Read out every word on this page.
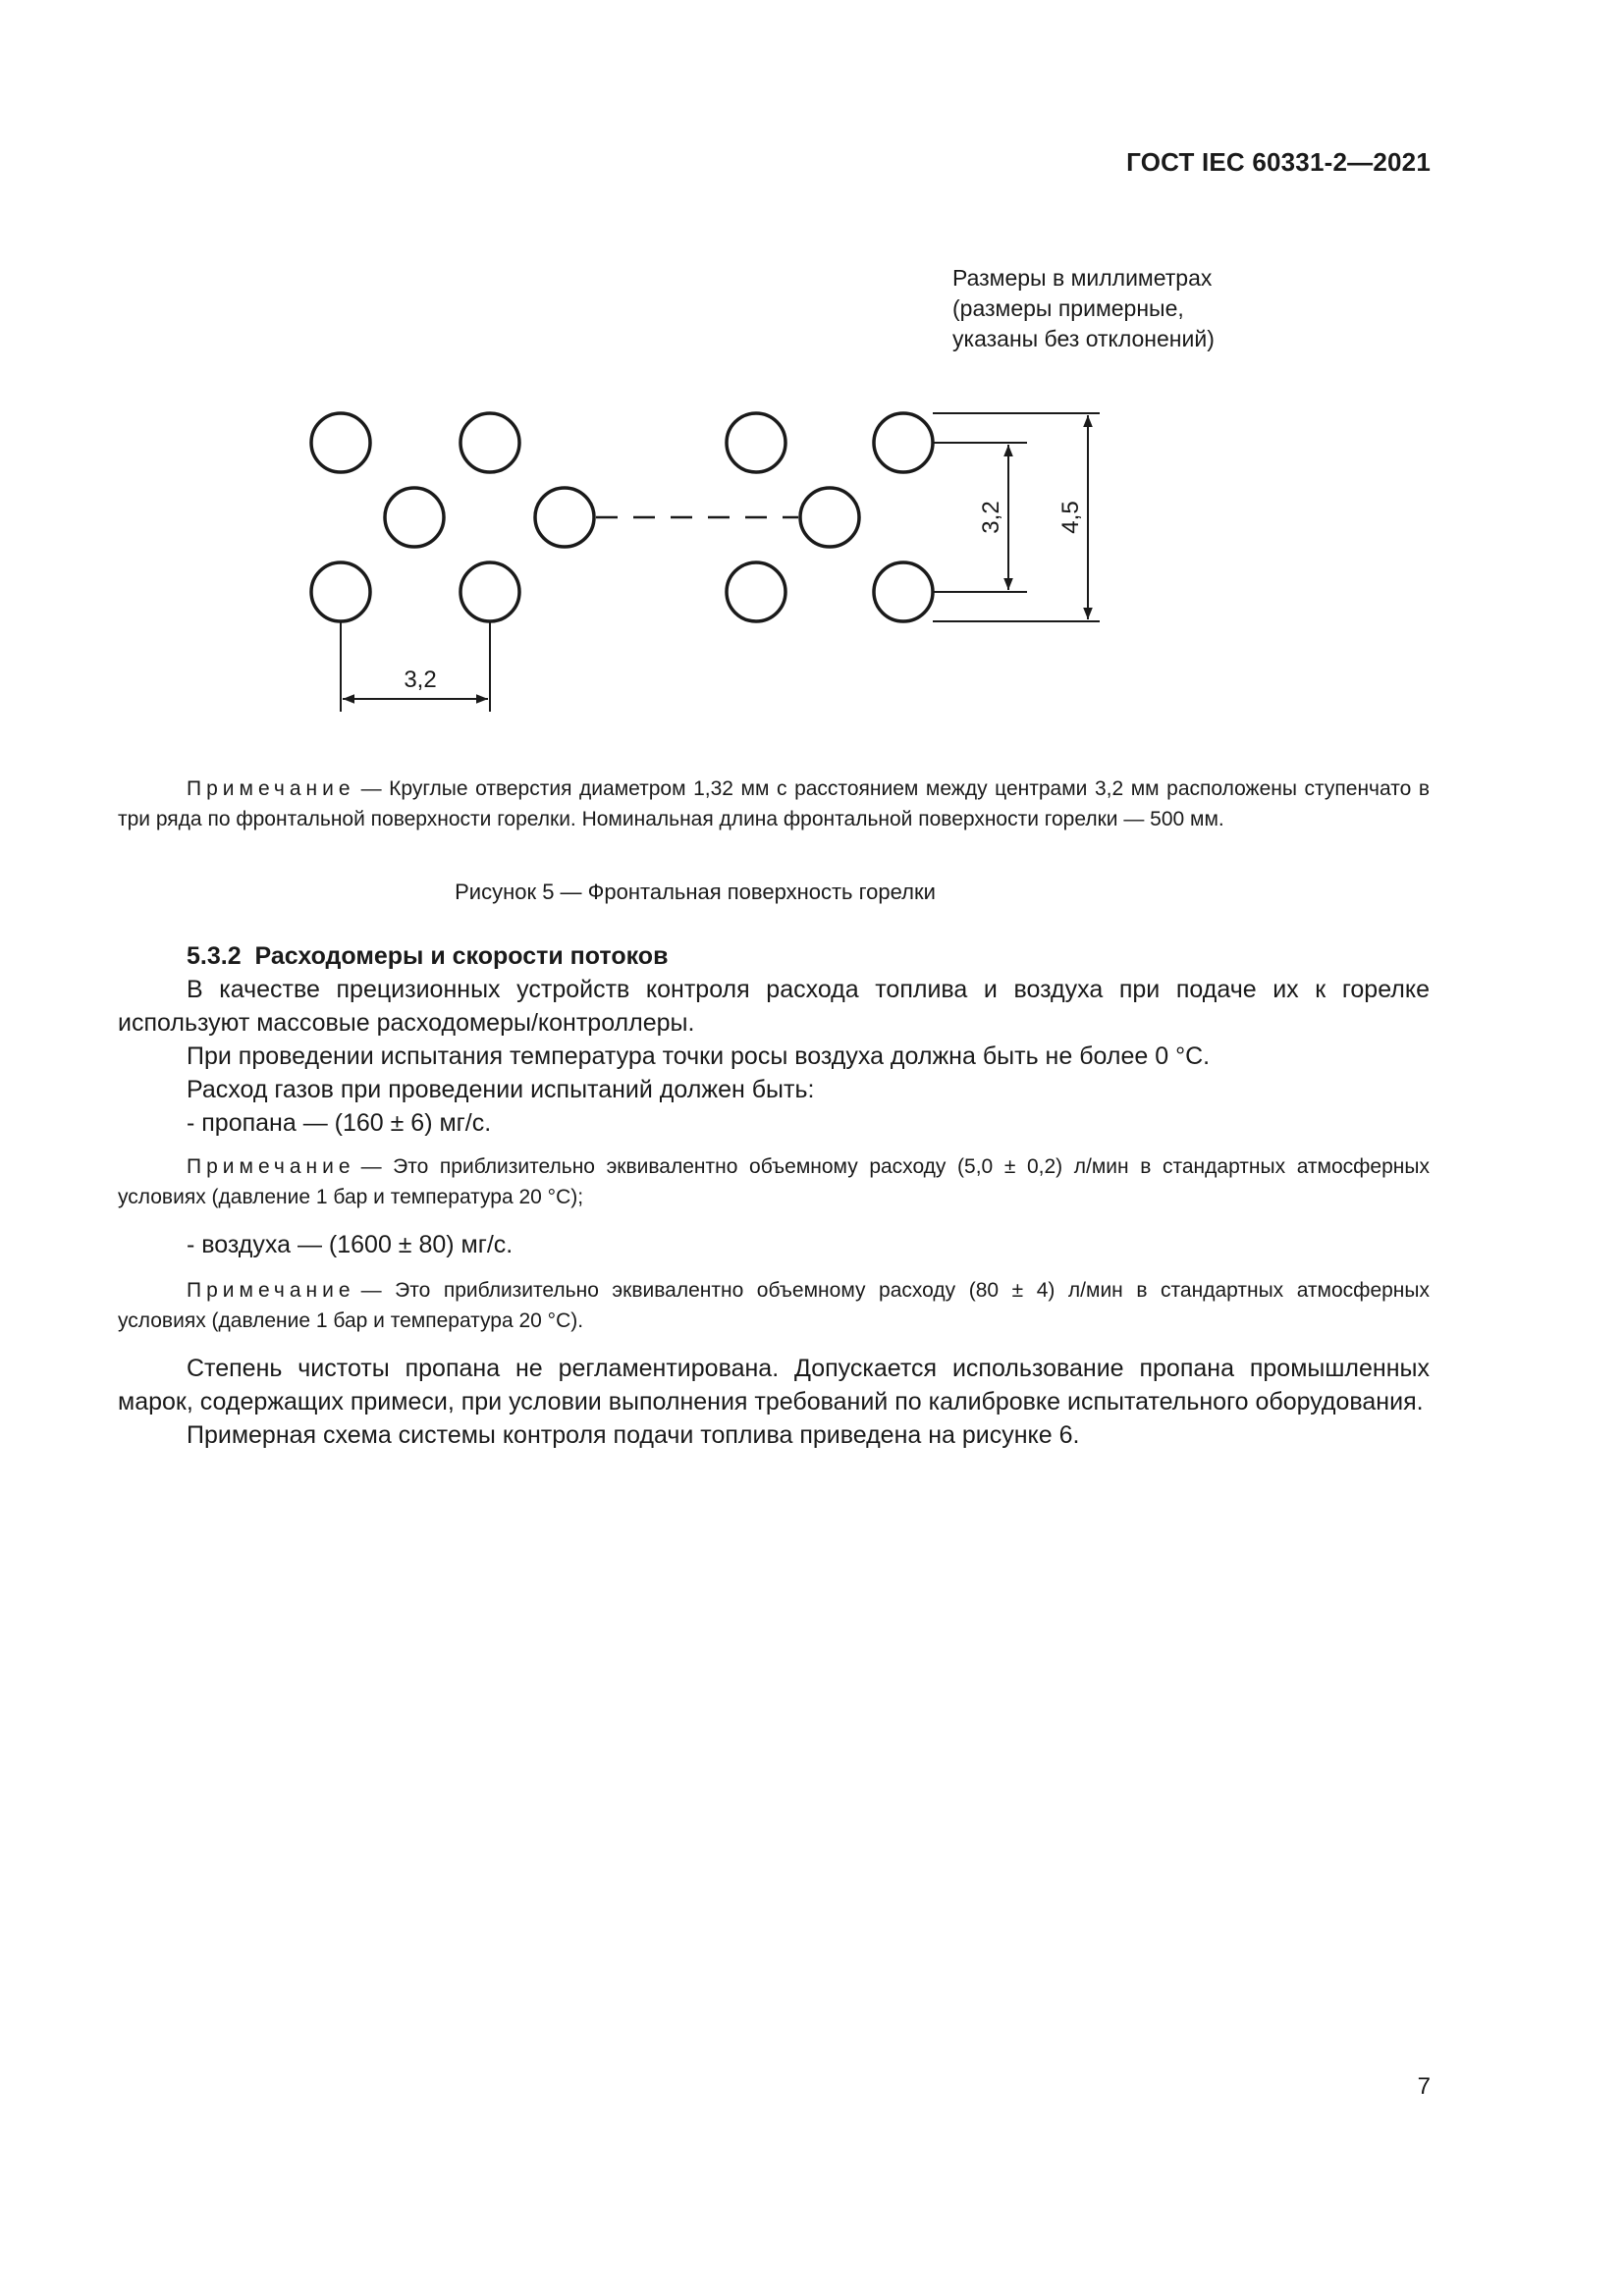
ГОСТ IEC 60331-2—2021
Размеры в миллиметрах
(размеры примерные,
указаны без отклонений)
3,2
3,2 4,5
Примечание — Круглые отверстия диаметром 1,32 мм с расстоянием между центрами 3,2 мм расположены ступенчато в три ряда по фронтальной поверхности горелки. Номинальная длина фронтальной поверхности горелки — 500 мм.
Рисунок 5 — Фронтальная поверхность горелки

5.3.2 Расходомеры и скорости потоков

В качестве прецизионных устройств контроля расхода топлива и воздуха при подаче их к горелке используют массовые расходомеры/контроллеры.

При проведении испытания температура точки росы воздуха должна быть не более 0 °С.

Расход газов при проведении испытаний должен быть:

- пропана — (160 ± 6) мг/с.

Примечание — Это приблизительно эквивалентно объемному расходу (5,0 ± 0,2) л/мин в стандартных атмосферных условиях (давление 1 бар и температура 20 °С);

- воздуха — (1600 ± 80) мг/с.

Примечание — Это приблизительно эквивалентно объемному расходу (80 ± 4) л/мин в стандартных атмосферных условиях (давление 1 бар и температура 20 °С).

Степень чистоты пропана не регламентирована. Допускается использование пропана промышленных марок, содержащих примеси, при условии выполнения требований по калибровке испытательного оборудования.

Примерная схема системы контроля подачи топлива приведена на рисунке 6.

7
